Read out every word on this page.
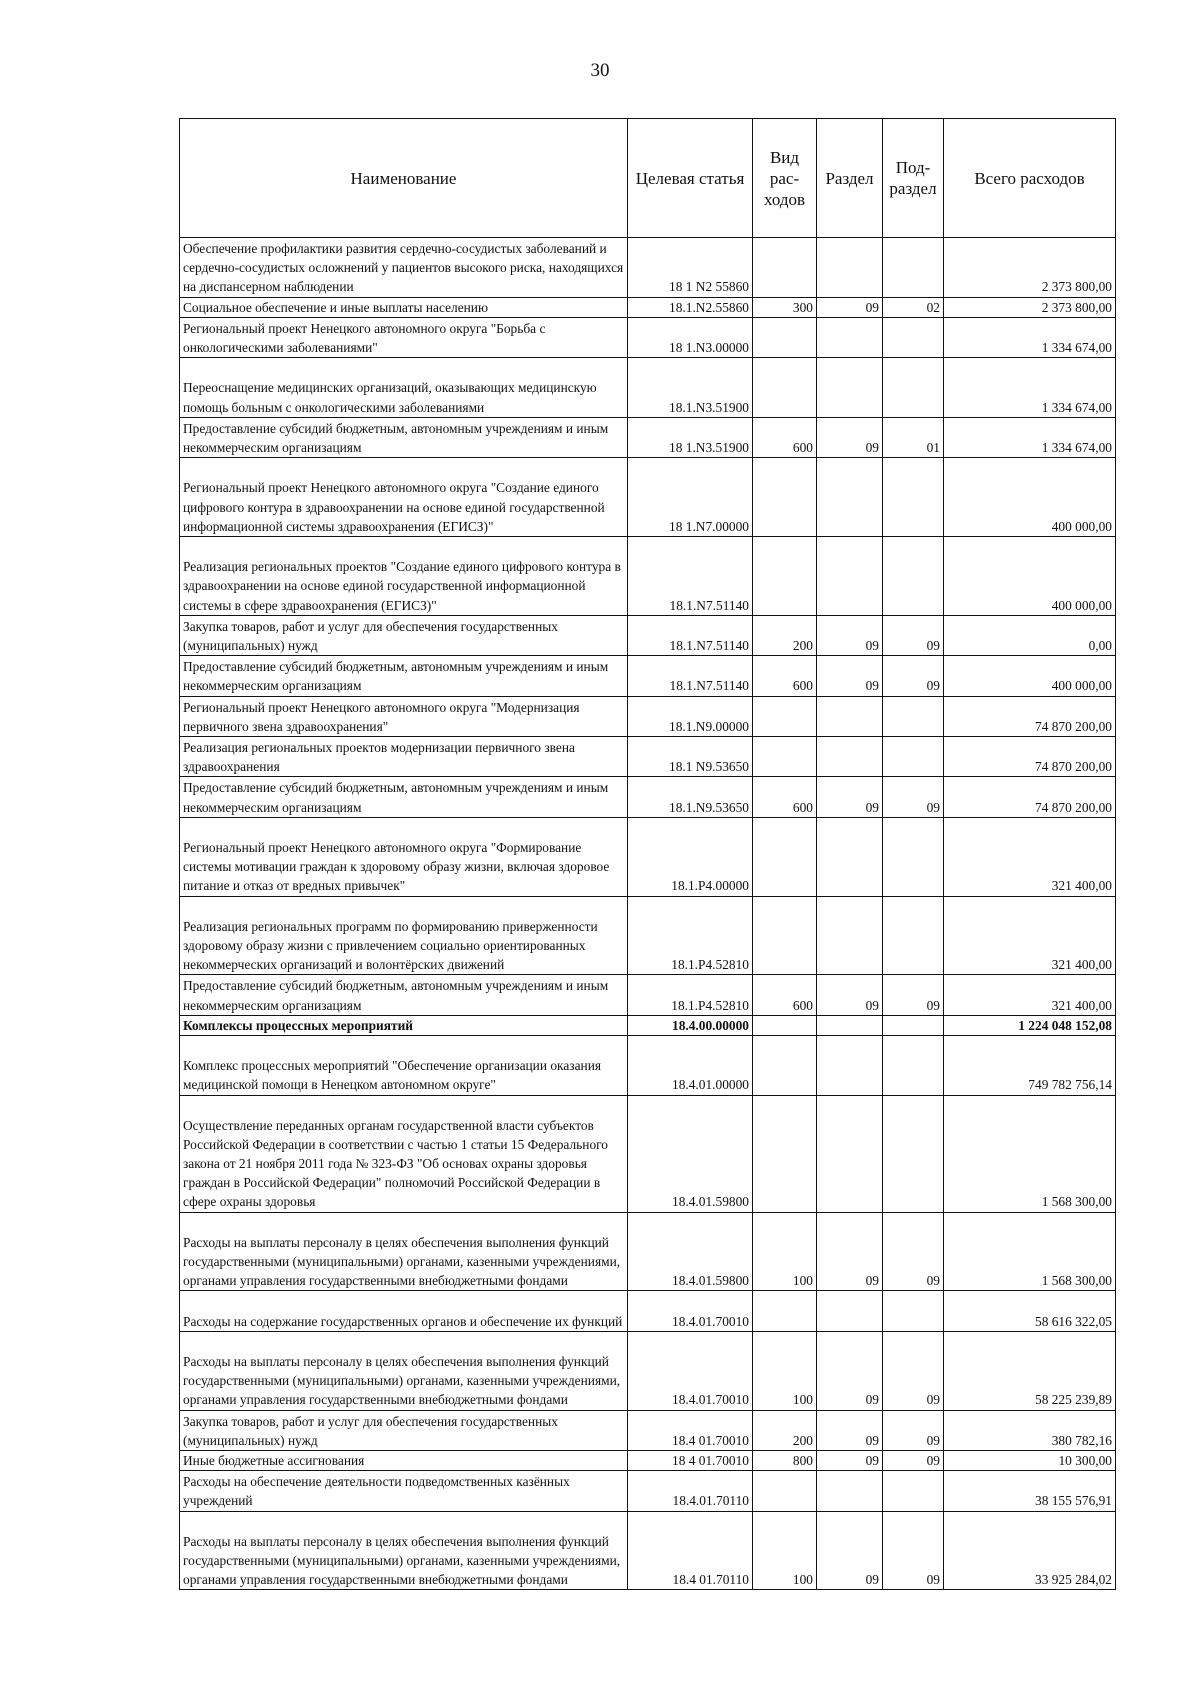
30
Наименование	Целевая статья	Вид рас- ходов	Раздел	Под- раздел	Всего расходов
Обеспечение профилактики развития сердечно-сосудистых заболеваний и сердечно-сосудистых осложнений у пациентов высокого риска, находящихся на диспансерном наблюдении	18 1 N2 55860				2 373 800,00
Социальное обеспечение и иные выплаты населению	18.1.N2.55860	300	09	02	2 373 800,00
Региональный проект Ненецкого автономного округа "Борьба с онкологическими заболеваниями"	18 1.N3.00000				1 334 674,00
Переоснащение медицинских организаций, оказывающих медицинскую помощь больным с онкологическими заболеваниями	18.1.N3.51900				1 334 674,00
Предоставление субсидий бюджетным, автономным учреждениям и иным некоммерческим организациям	18 1.N3.51900	600	09	01	1 334 674,00
Региональный проект Ненецкого автономного округа "Создание единого цифрового контура в здравоохранении на основе единой государственной информационной системы здравоохранения (ЕГИСЗ)"	18 1.N7.00000				400 000,00
Реализация региональных проектов "Создание единого цифрового контура в здравоохранении на основе единой государственной информационной системы в сфере здравоохранения (ЕГИСЗ)"	18.1.N7.51140				400 000,00
Закупка товаров, работ и услуг для обеспечения государственных (муниципальных) нужд	18.1.N7.51140	200	09	09	0,00
Предоставление субсидий бюджетным, автономным учреждениям и иным некоммерческим организациям	18.1.N7.51140	600	09	09	400 000,00
Региональный проект Ненецкого автономного округа "Модернизация первичного звена здравоохранения"	18.1.N9.00000				74 870 200,00
Реализация региональных проектов модернизации первичного звена здравоохранения	18.1 N9.53650				74 870 200,00
Предоставление субсидий бюджетным, автономным учреждениям и иным некоммерческим организациям	18.1.N9.53650	600	09	09	74 870 200,00
Региональный проект Ненецкого автономного округа "Формирование системы мотивации граждан к здоровому образу жизни, включая здоровое питание и отказ от вредных привычек"	18.1.P4.00000				321 400,00
Реализация региональных программ по формированию приверженности здоровому образу жизни с привлечением социально ориентированных некоммерческих организаций и волонтёрских движений	18.1.P4.52810				321 400,00
Предоставление субсидий бюджетным, автономным учреждениям и иным некоммерческим организациям	18.1.P4.52810	600	09	09	321 400,00
Комплексы процессных мероприятий	18.4.00.00000				1 224 048 152,08
Комплекс процессных мероприятий "Обеспечение организации оказания медицинской помощи в Ненецком автономном округе"	18.4.01.00000				749 782 756,14
Осуществление переданных органам государственной власти субъектов Российской Федерации в соответствии с частью 1 статьи 15 Федерального закона от 21 ноября 2011 года № 323-ФЗ "Об основах охраны здоровья граждан в Российской Федерации" полномочий Российской Федерации в сфере охраны здоровья	18.4.01.59800				1 568 300,00
Расходы на выплаты персоналу в целях обеспечения выполнения функций государственными (муниципальными) органами, казенными учреждениями, органами управления государственными внебюджетными фондами	18.4.01.59800	100	09	09	1 568 300,00
Расходы на содержание государственных органов и обеспечение их функций	18.4.01.70010				58 616 322,05
Расходы на выплаты персоналу в целях обеспечения выполнения функций государственными (муниципальными) органами, казенными учреждениями, органами управления государственными внебюджетными фондами	18.4.01.70010	100	09	09	58 225 239,89
Закупка товаров, работ и услуг для обеспечения государственных (муниципальных) нужд	18.4 01.70010	200	09	09	380 782,16
Иные бюджетные ассигнования	18 4 01.70010	800	09	09	10 300,00
Расходы на обеспечение деятельности подведомственных казённых учреждений	18.4.01.70110				38 155 576,91
Расходы на выплаты персоналу в целях обеспечения выполнения функций государственными (муниципальными) органами, казенными учреждениями, органами управления государственными внебюджетными фондами	18.4 01.70110	100	09	09	33 925 284,02
